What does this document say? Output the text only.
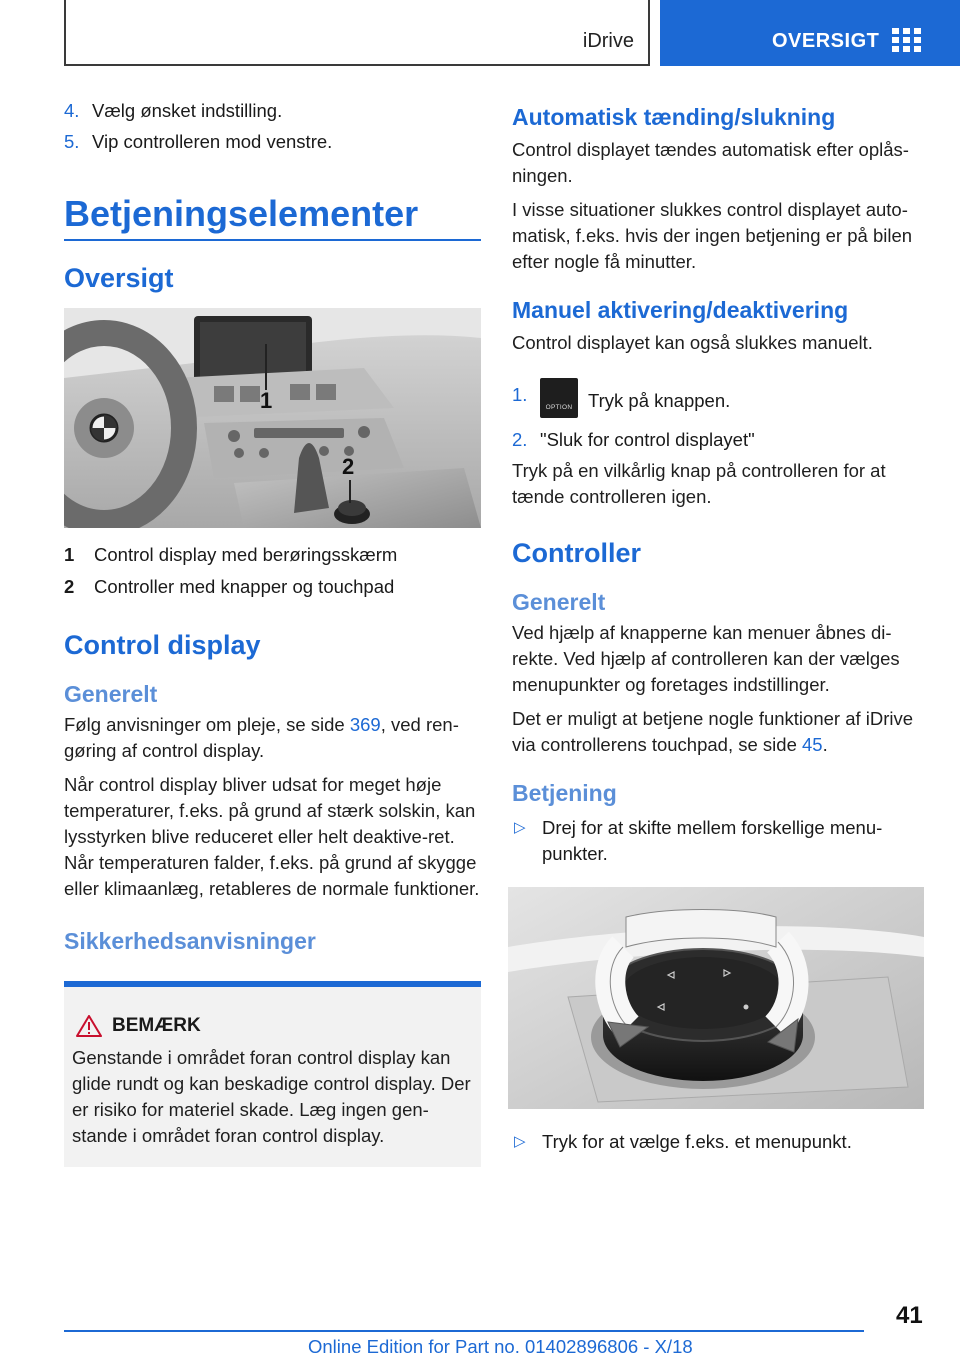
iDrive	OVERSIGT
4. Vælg ønsket indstilling.
5. Vip controlleren mod venstre.
Betjeningselementer
Oversigt
1
2
1 Control display med berøringsskærm
2 Controller med knapper og touchpad
Control display
Generelt

Følg anvisninger om pleje, se side 369, ved ren-gøring af control display.

Når control display bliver udsat for meget høje temperaturer, f.eks. på grund af stærk solskin, kan lysstyrken blive reduceret eller helt deaktive-ret. Når temperaturen falder, f.eks. på grund af skygge eller klimaanlæg, retableres de normale funktioner.

Sikkerhedsanvisninger
BEMÆRK

Genstande i området foran control display kan glide rundt og kan beskadige control display. Der er risiko for materiel skade. Læg ingen gen-stande i området foran control display.

Automatisk tænding/slukning

Control displayet tændes automatisk efter oplås-ningen.

I visse situationer slukkes control displayet auto-matisk, f.eks. hvis der ingen betjening er på bilen efter nogle få minutter.

Manuel aktivering/deaktivering

Control displayet kan også slukkes manuelt.

1.
OPTION Tryk på knappen.
2. "Sluk for control displayet"

Tryk på en vilkårlig knap på controlleren for at tænde controlleren igen.

Controller
Generelt

Ved hjælp af knapperne kan menuer åbnes di-rekte. Ved hjælp af controlleren kan der vælges menupunkter og foretages indstillinger.

Det er muligt at betjene nogle funktioner af iDrive via controllerens touchpad, se side 45.

Betjening
▷ Drej for at skifte mellem forskellige menu-punkter.
▷ Tryk for at vælge f.eks. et menupunkt.
41
Online Edition for Part no. 01402896806 - X/18
